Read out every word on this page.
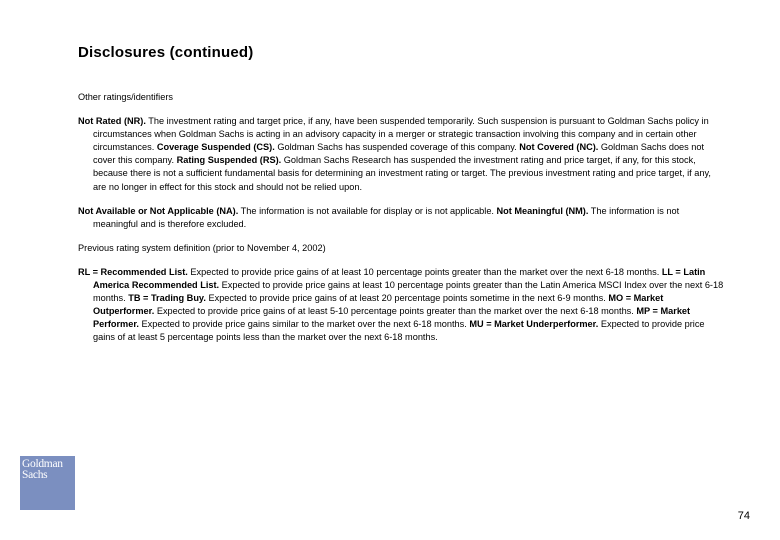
Disclosures (continued)

Other ratings/identifiers

Not Rated (NR). The investment rating and target price, if any, have been suspended temporarily. Such suspension is pursuant to Goldman Sachs policy in circumstances when Goldman Sachs is acting in an advisory capacity in a merger or strategic transaction involving this company and in certain other circumstances. Coverage Suspended (CS). Goldman Sachs has suspended coverage of this company. Not Covered (NC). Goldman Sachs does not cover this company. Rating Suspended (RS). Goldman Sachs Research has suspended the investment rating and price target, if any, for this stock, because there is not a sufficient fundamental basis for determining an investment rating or target. The previous investment rating and price target, if any, are no longer in effect for this stock and should not be relied upon.

Not Available or Not Applicable (NA). The information is not available for display or is not applicable. Not Meaningful (NM). The information is not meaningful and is therefore excluded.

Previous rating system definition (prior to November 4, 2002)

RL = Recommended List. Expected to provide price gains of at least 10 percentage points greater than the market over the next 6-18 months. LL = Latin America Recommended List. Expected to provide price gains at least 10 percentage points greater than the Latin America MSCI Index over the next 6-18 months. TB = Trading Buy. Expected to provide price gains of at least 20 percentage points sometime in the next 6-9 months. MO = Market Outperformer. Expected to provide price gains of at least 5-10 percentage points greater than the market over the next 6-18 months. MP = Market Performer. Expected to provide price gains similar to the market over the next 6-18 months. MU = Market Underperformer. Expected to provide price gains of at least 5 percentage points less than the market over the next 6-18 months.

Goldman
Sachs
74
